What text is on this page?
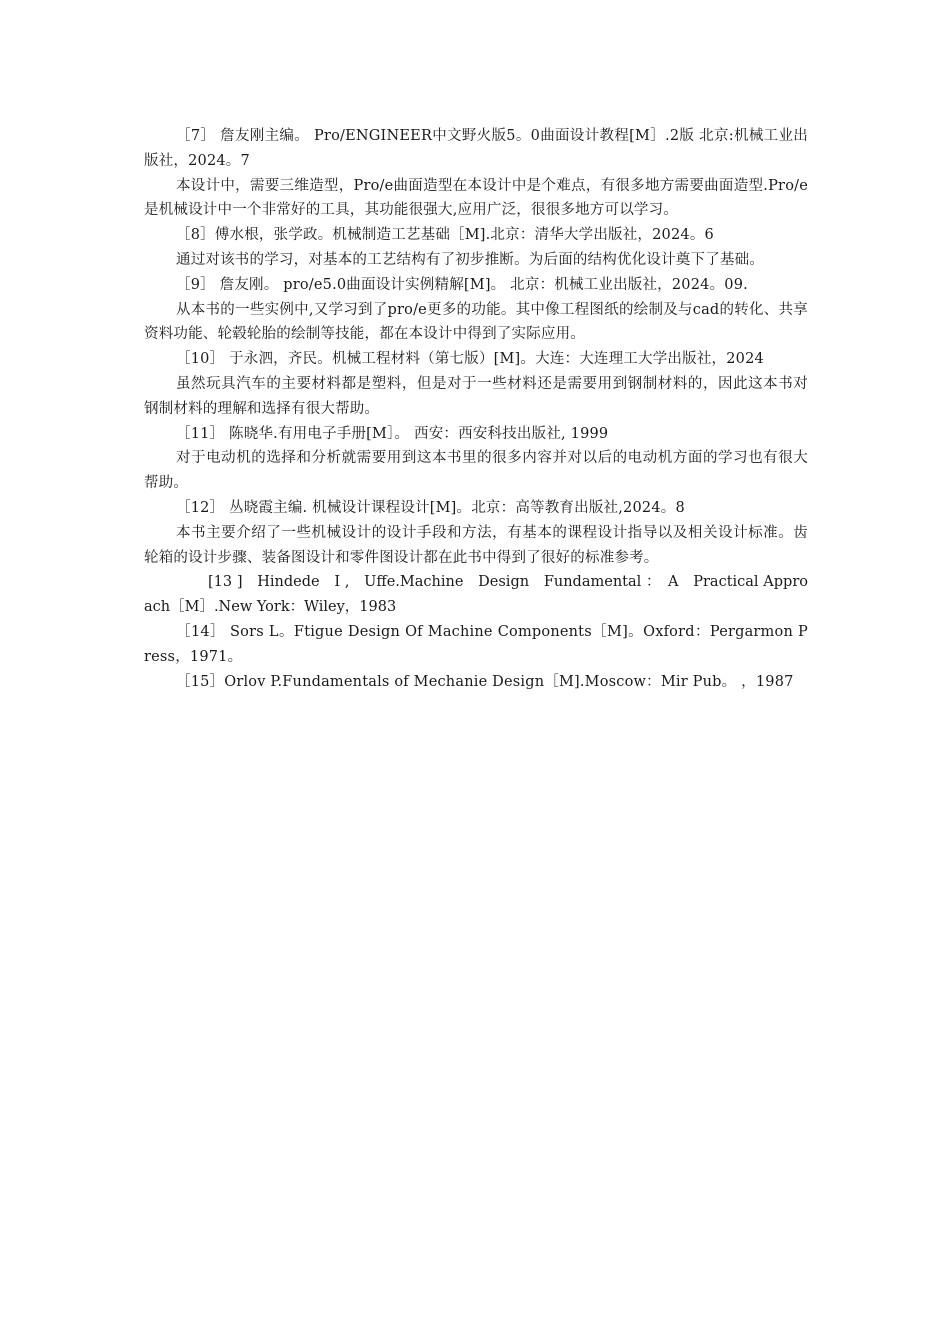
［7］ 詹友刚主编。 Pro/ENGINEER中文野火版5。0曲面设计教程[M］.2版 北京:机械工业出版社，2024。7

本设计中，需要三维造型，Pro/e曲面造型在本设计中是个难点，有很多地方需要曲面造型.Pro/e是机械设计中一个非常好的工具，其功能很强大,应用广泛，很很多地方可以学习。

［8］傅水根，张学政。机械制造工艺基础［M].北京：清华大学出版社，2024。6

通过对该书的学习，对基本的工艺结构有了初步推断。为后面的结构优化设计奠下了基础。

［9］ 詹友刚。 pro/e5.0曲面设计实例精解[M]。 北京：机械工业出版社，2024。09.

从本书的一些实例中,又学习到了pro/e更多的功能。其中像工程图纸的绘制及与cad的转化、共享资料功能、轮毂轮胎的绘制等技能，都在本设计中得到了实际应用。

［10］ 于永泗，齐民。机械工程材料（第七版）[M]。大连：大连理工大学出版社，2024

虽然玩具汽车的主要材料都是塑料，但是对于一些材料还是需要用到钢制材料的，因此这本书对钢制材料的理解和选择有很大帮助。

［11］ 陈晓华.有用电子手册[M］。 西安：西安科技出版社, 1999

对于电动机的选择和分析就需要用到这本书里的很多内容并对以后的电动机方面的学习也有很大帮助。

［12］ 丛晓霞主编. 机械设计课程设计[M]。北京：高等教育出版社,2024。8

本书主要介绍了一些机械设计的设计手段和方法，有基本的课程设计指导以及相关设计标准。齿轮箱的设计步骤、装备图设计和零件图设计都在此书中得到了很好的标准参考。

[13 ]　Hindede　I ,　Uffe.Machine　Design　Fundamental ：　A　Practical Approach［M］.New York：Wiley，1983

［14］ Sors L。Ftigue Design Of Machine Components［M]。Oxford：Pergarmon Press，1971。

［15］Orlov P.Fundamentals of Mechanie Design［M].Moscow：Mir Pub。 ，1987
